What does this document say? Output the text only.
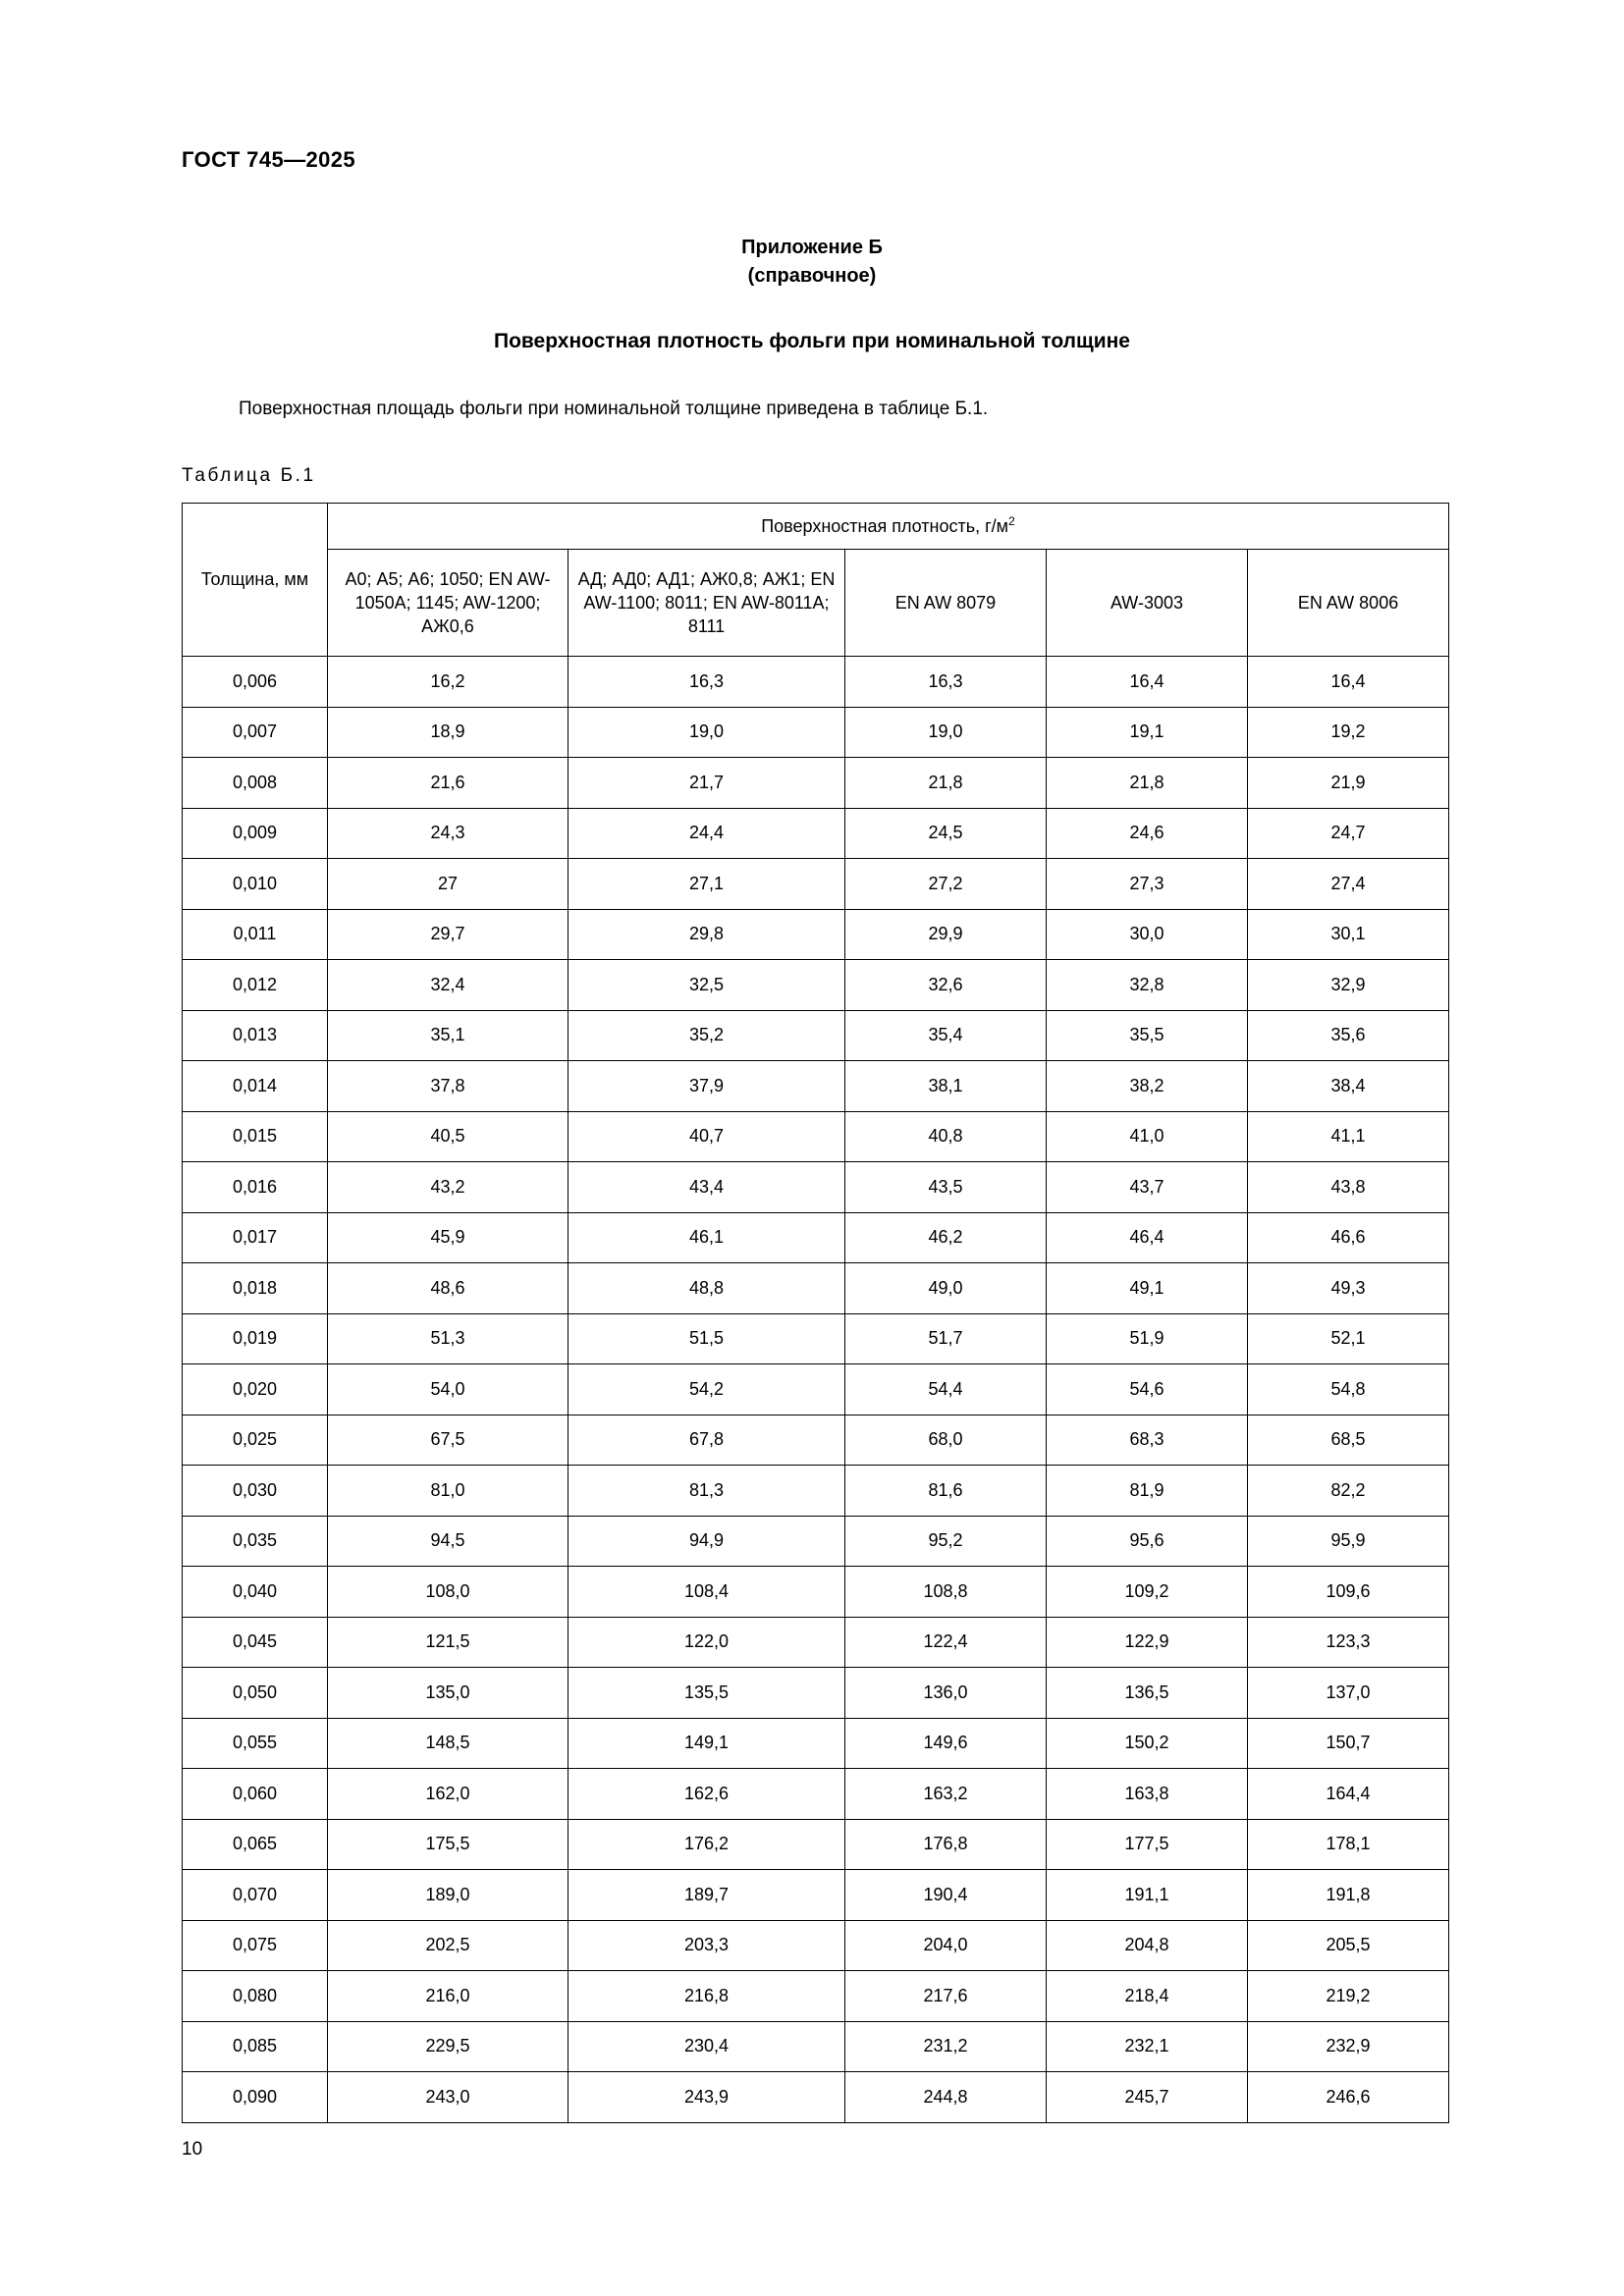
ГОСТ 745—2025
Приложение Б
(справочное)
Поверхностная плотность фольги при номинальной толщине
Поверхностная площадь фольги при номинальной толщине приведена в таблице Б.1.
Таблица Б.1
Толщина, мм	Поверхностная плотность, $г/м^2$
	А0; А5; А6; 1050; EN AW-1050A; 1145; AW-1200; АЖ0,6	АД; АД0; АД1; АЖ0,8; АЖ1; EN AW-1100; 8011; EN AW-8011A; 8111	EN AW 8079	AW-3003	EN AW 8006
0,006	16,2	16,3	16,3	16,4	16,4
0,007	18,9	19,0	19,0	19,1	19,2
0,008	21,6	21,7	21,8	21,8	21,9
0,009	24,3	24,4	24,5	24,6	24,7
0,010	27	27,1	27,2	27,3	27,4
0,011	29,7	29,8	29,9	30,0	30,1
0,012	32,4	32,5	32,6	32,8	32,9
0,013	35,1	35,2	35,4	35,5	35,6
0,014	37,8	37,9	38,1	38,2	38,4
0,015	40,5	40,7	40,8	41,0	41,1
0,016	43,2	43,4	43,5	43,7	43,8
0,017	45,9	46,1	46,2	46,4	46,6
0,018	48,6	48,8	49,0	49,1	49,3
0,019	51,3	51,5	51,7	51,9	52,1
0,020	54,0	54,2	54,4	54,6	54,8
0,025	67,5	67,8	68,0	68,3	68,5
0,030	81,0	81,3	81,6	81,9	82,2
0,035	94,5	94,9	95,2	95,6	95,9
0,040	108,0	108,4	108,8	109,2	109,6
0,045	121,5	122,0	122,4	122,9	123,3
0,050	135,0	135,5	136,0	136,5	137,0
0,055	148,5	149,1	149,6	150,2	150,7
0,060	162,0	162,6	163,2	163,8	164,4
0,065	175,5	176,2	176,8	177,5	178,1
0,070	189,0	189,7	190,4	191,1	191,8
0,075	202,5	203,3	204,0	204,8	205,5
0,080	216,0	216,8	217,6	218,4	219,2
0,085	229,5	230,4	231,2	232,1	232,9
0,090	243,0	243,9	244,8	245,7	246,6
10
